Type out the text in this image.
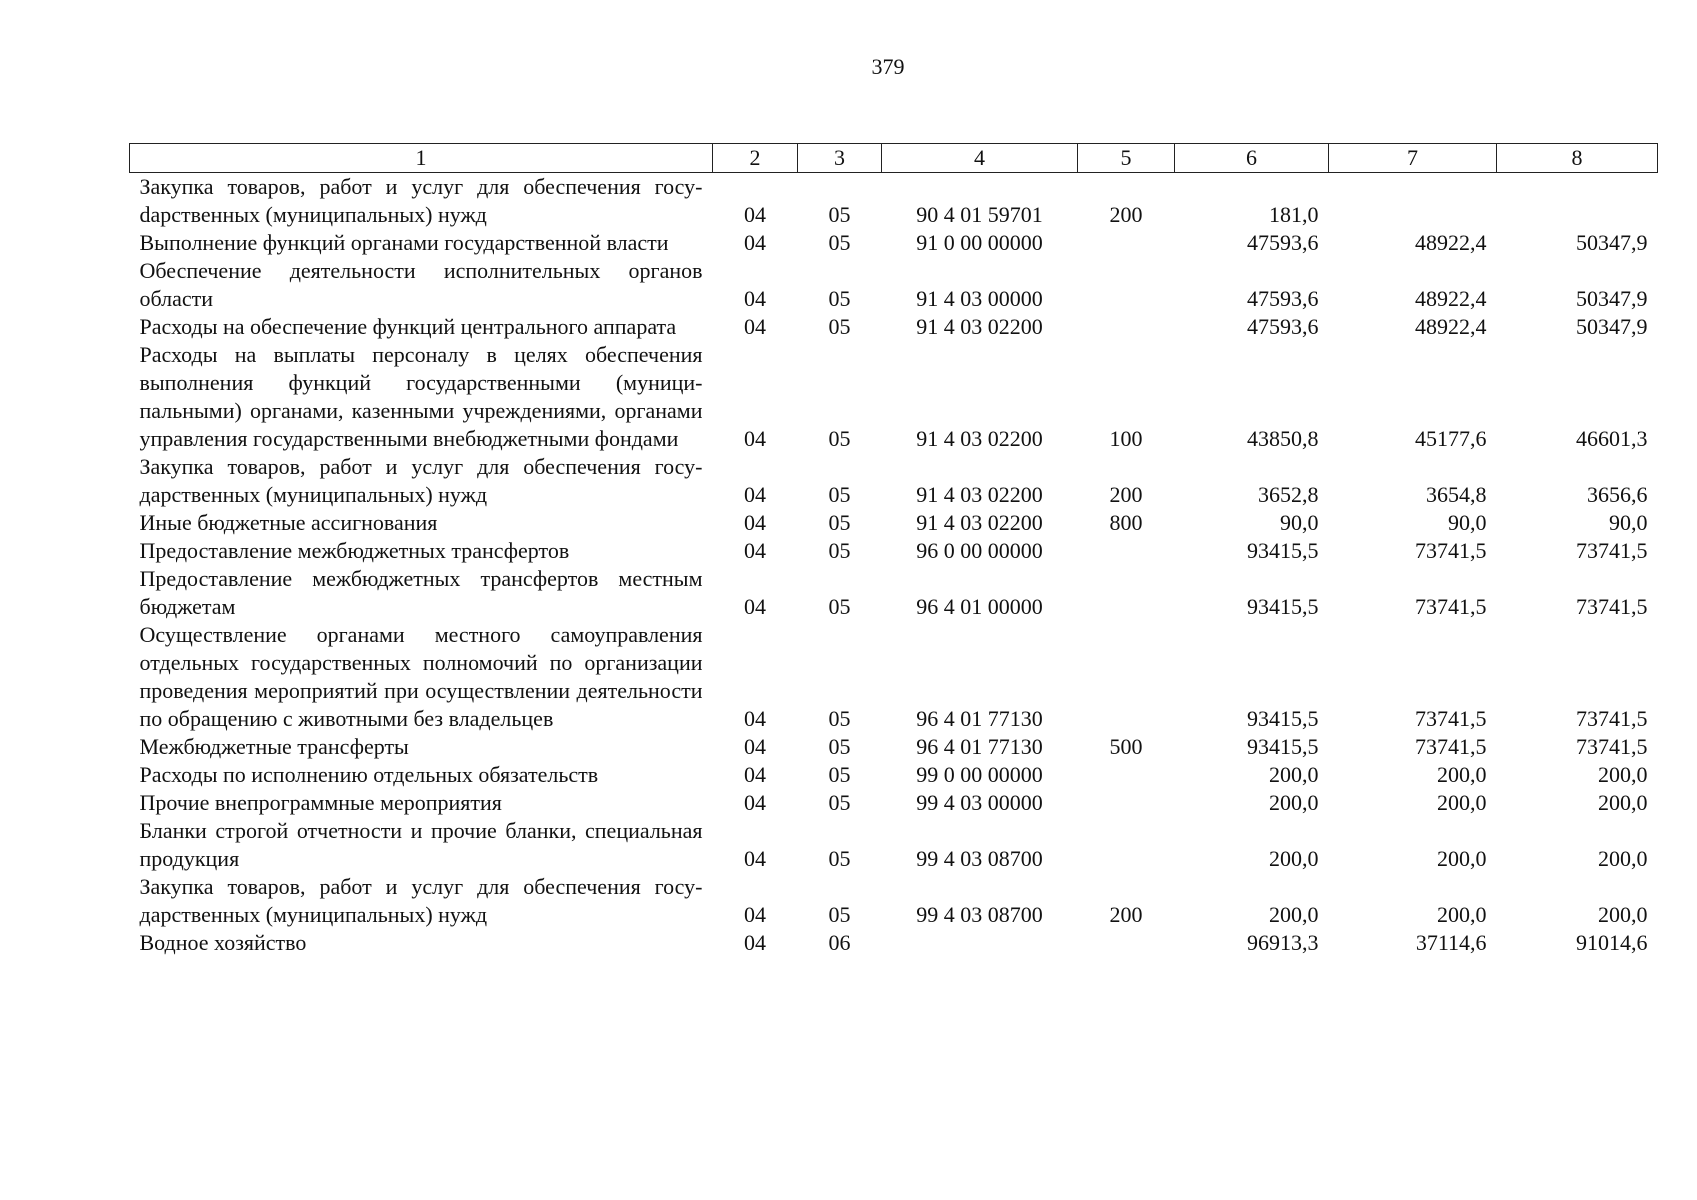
379
1	2	3	4	5	6	7	8
Закупка товаров, работ и услуг для обеспечения госуdарственных (муниципальных) нужд	04	05	90 4 01 59701	200	181,0		
Выполнение функций органами государственной власти	04	05	91 0 00 00000		47593,6	48922,4	50347,9
Обеспечение деятельности исполнительных органов области	04	05	91 4 03 00000		47593,6	48922,4	50347,9
Расходы на обеспечение функций центрального аппарата	04	05	91 4 03 02200		47593,6	48922,4	50347,9
Расходы на выплаты персоналу в целях обеспечения выполнения функций государственными (муниципальными) органами, казенными учреждениями, органами управления государственными внебюджетными фондами	04	05	91 4 03 02200	100	43850,8	45177,6	46601,3
Закупка товаров, работ и услуг для обеспечения государственных (муниципальных) нужд	04	05	91 4 03 02200	200	3652,8	3654,8	3656,6
Иные бюджетные ассигнования	04	05	91 4 03 02200	800	90,0	90,0	90,0
Предоставление межбюджетных трансфертов	04	05	96 0 00 00000		93415,5	73741,5	73741,5
Предоставление межбюджетных трансфертов местным бюджетам	04	05	96 4 01 00000		93415,5	73741,5	73741,5
Осуществление органами местного самоуправления отдельных государственных полномочий по организации проведения мероприятий при осуществлении деятельности по обращению с животными без владельцев	04	05	96 4 01 77130		93415,5	73741,5	73741,5
Межбюджетные трансферты	04	05	96 4 01 77130	500	93415,5	73741,5	73741,5
Расходы по исполнению отдельных обязательств	04	05	99 0 00 00000		200,0	200,0	200,0
Прочие внепрограммные мероприятия	04	05	99 4 03 00000		200,0	200,0	200,0
Бланки строгой отчетности и прочие бланки, специальная продукция	04	05	99 4 03 08700		200,0	200,0	200,0
Закупка товаров, работ и услуг для обеспечения государственных (муниципальных) нужд	04	05	99 4 03 08700	200	200,0	200,0	200,0
Водное хозяйство	04	06			96913,3	37114,6	91014,6
